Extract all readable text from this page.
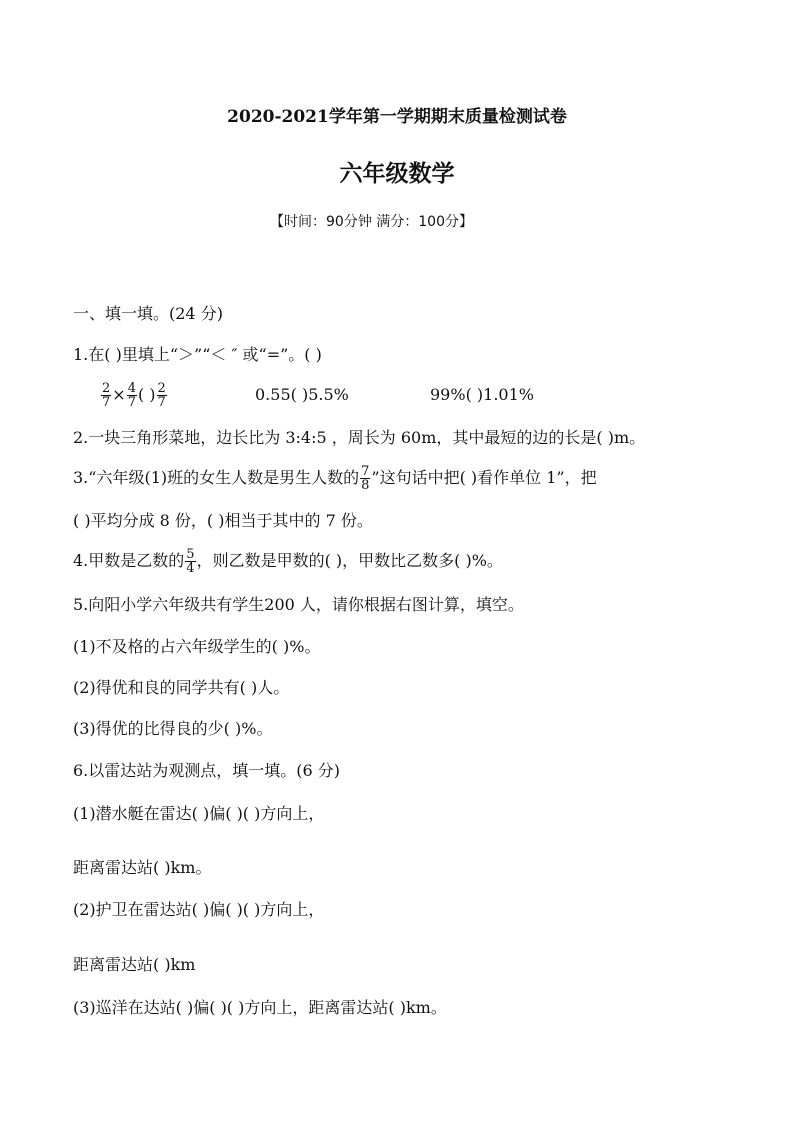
2020-2021学年第一学期期末质量检测试卷
六年级数学
【时间：90分钟 满分：100分】
一、填一填。(24 分)
1.在( )里填上“＞”“＜ ″ 或“=”。( )
$\frac{2}{7} \times \frac{4}{7}$ ( ) $\frac{2}{7}$	0.55( )5.5%	99%( )1.01%
2.一块三角形菜地，边长比为 3:4:5 ，周长为 60m，其中最短的边的长是( )m。
3.“六年级(1)班的女生人数是男生人数的 $\frac{7}{8}$ ”这句话中把( )看作单位 1”，把
( )平均分成 8 份，( )相当于其中的 7 份。
4.甲数是乙数的 $\frac{5}{4}$ ，则乙数是甲数的( )，甲数比乙数多( )%。
5.向阳小学六年级共有学生200 人，请你根据右图计算，填空。
(1)不及格的占六年级学生的( )%。
(2)得优和良的同学共有( )人。
(3)得优的比得良的少( )%。
6.以雷达站为观测点，填一填。(6 分)
(1)潜水艇在雷达( )偏( )( )方向上，
距离雷达站( )km。
(2)护卫在雷达站( )偏( )( )方向上，
距离雷达站( )km
(3)巡洋在达站( )偏( )( )方向上，距离雷达站( )km。
